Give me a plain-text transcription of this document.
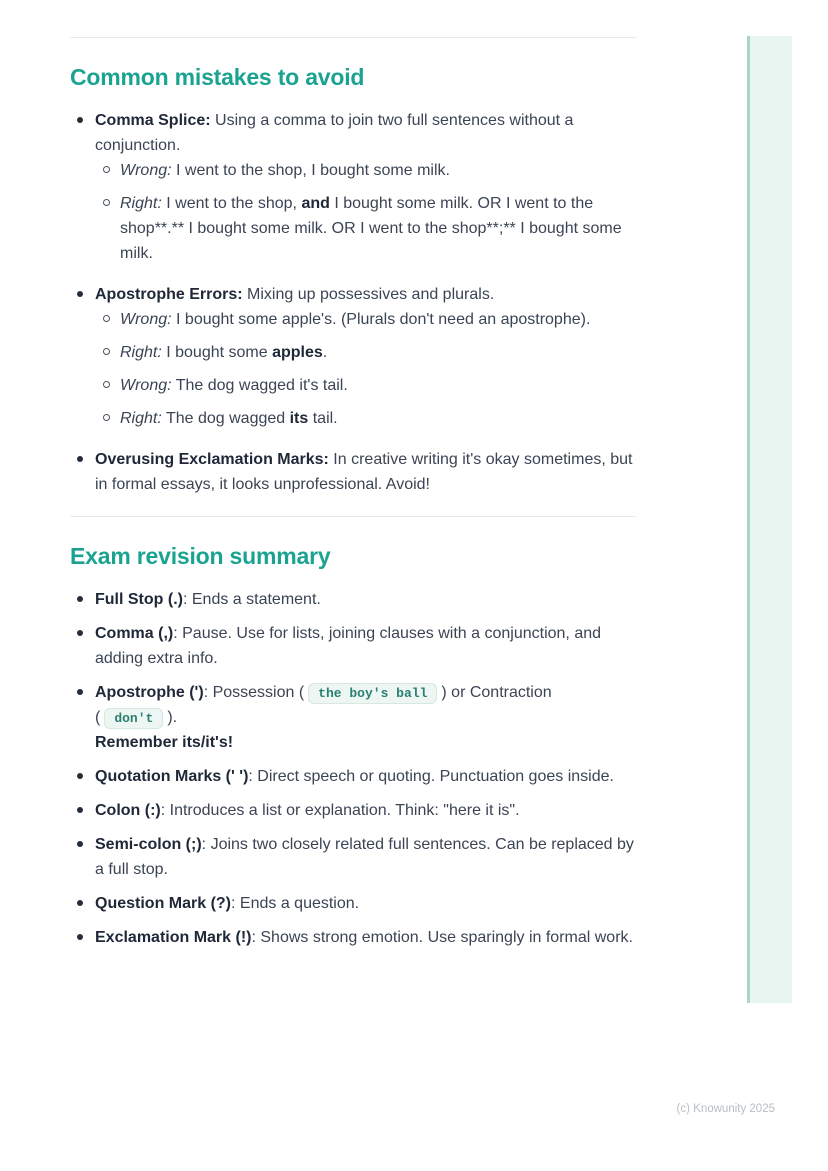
Common mistakes to avoid
Comma Splice: Using a comma to join two full sentences without a conjunction.
Wrong: I went to the shop, I bought some milk.
Right: I went to the shop, and I bought some milk. OR I went to the shop**.** I bought some milk. OR I went to the shop**;** I bought some milk.
Apostrophe Errors: Mixing up possessives and plurals.
Wrong: I bought some apple's. (Plurals don't need an apostrophe).
Right: I bought some apples.
Wrong: The dog wagged it's tail.
Right: The dog wagged its tail.
Overusing Exclamation Marks: In creative writing it's okay sometimes, but in formal essays, it looks unprofessional. Avoid!
Exam revision summary
Full Stop (.): Ends a statement.
Comma (,): Pause. Use for lists, joining clauses with a conjunction, and adding extra info.
Apostrophe ('): Possession ( the boy's ball ) or Contraction ( don't ).
Remember its/it's!
Quotation Marks (' '): Direct speech or quoting. Punctuation goes inside.
Colon (:): Introduces a list or explanation. Think: "here it is".
Semi-colon (;): Joins two closely related full sentences. Can be replaced by a full stop.
Question Mark (?): Ends a question.
Exclamation Mark (!): Shows strong emotion. Use sparingly in formal work.
(c) Knowunity 2025
